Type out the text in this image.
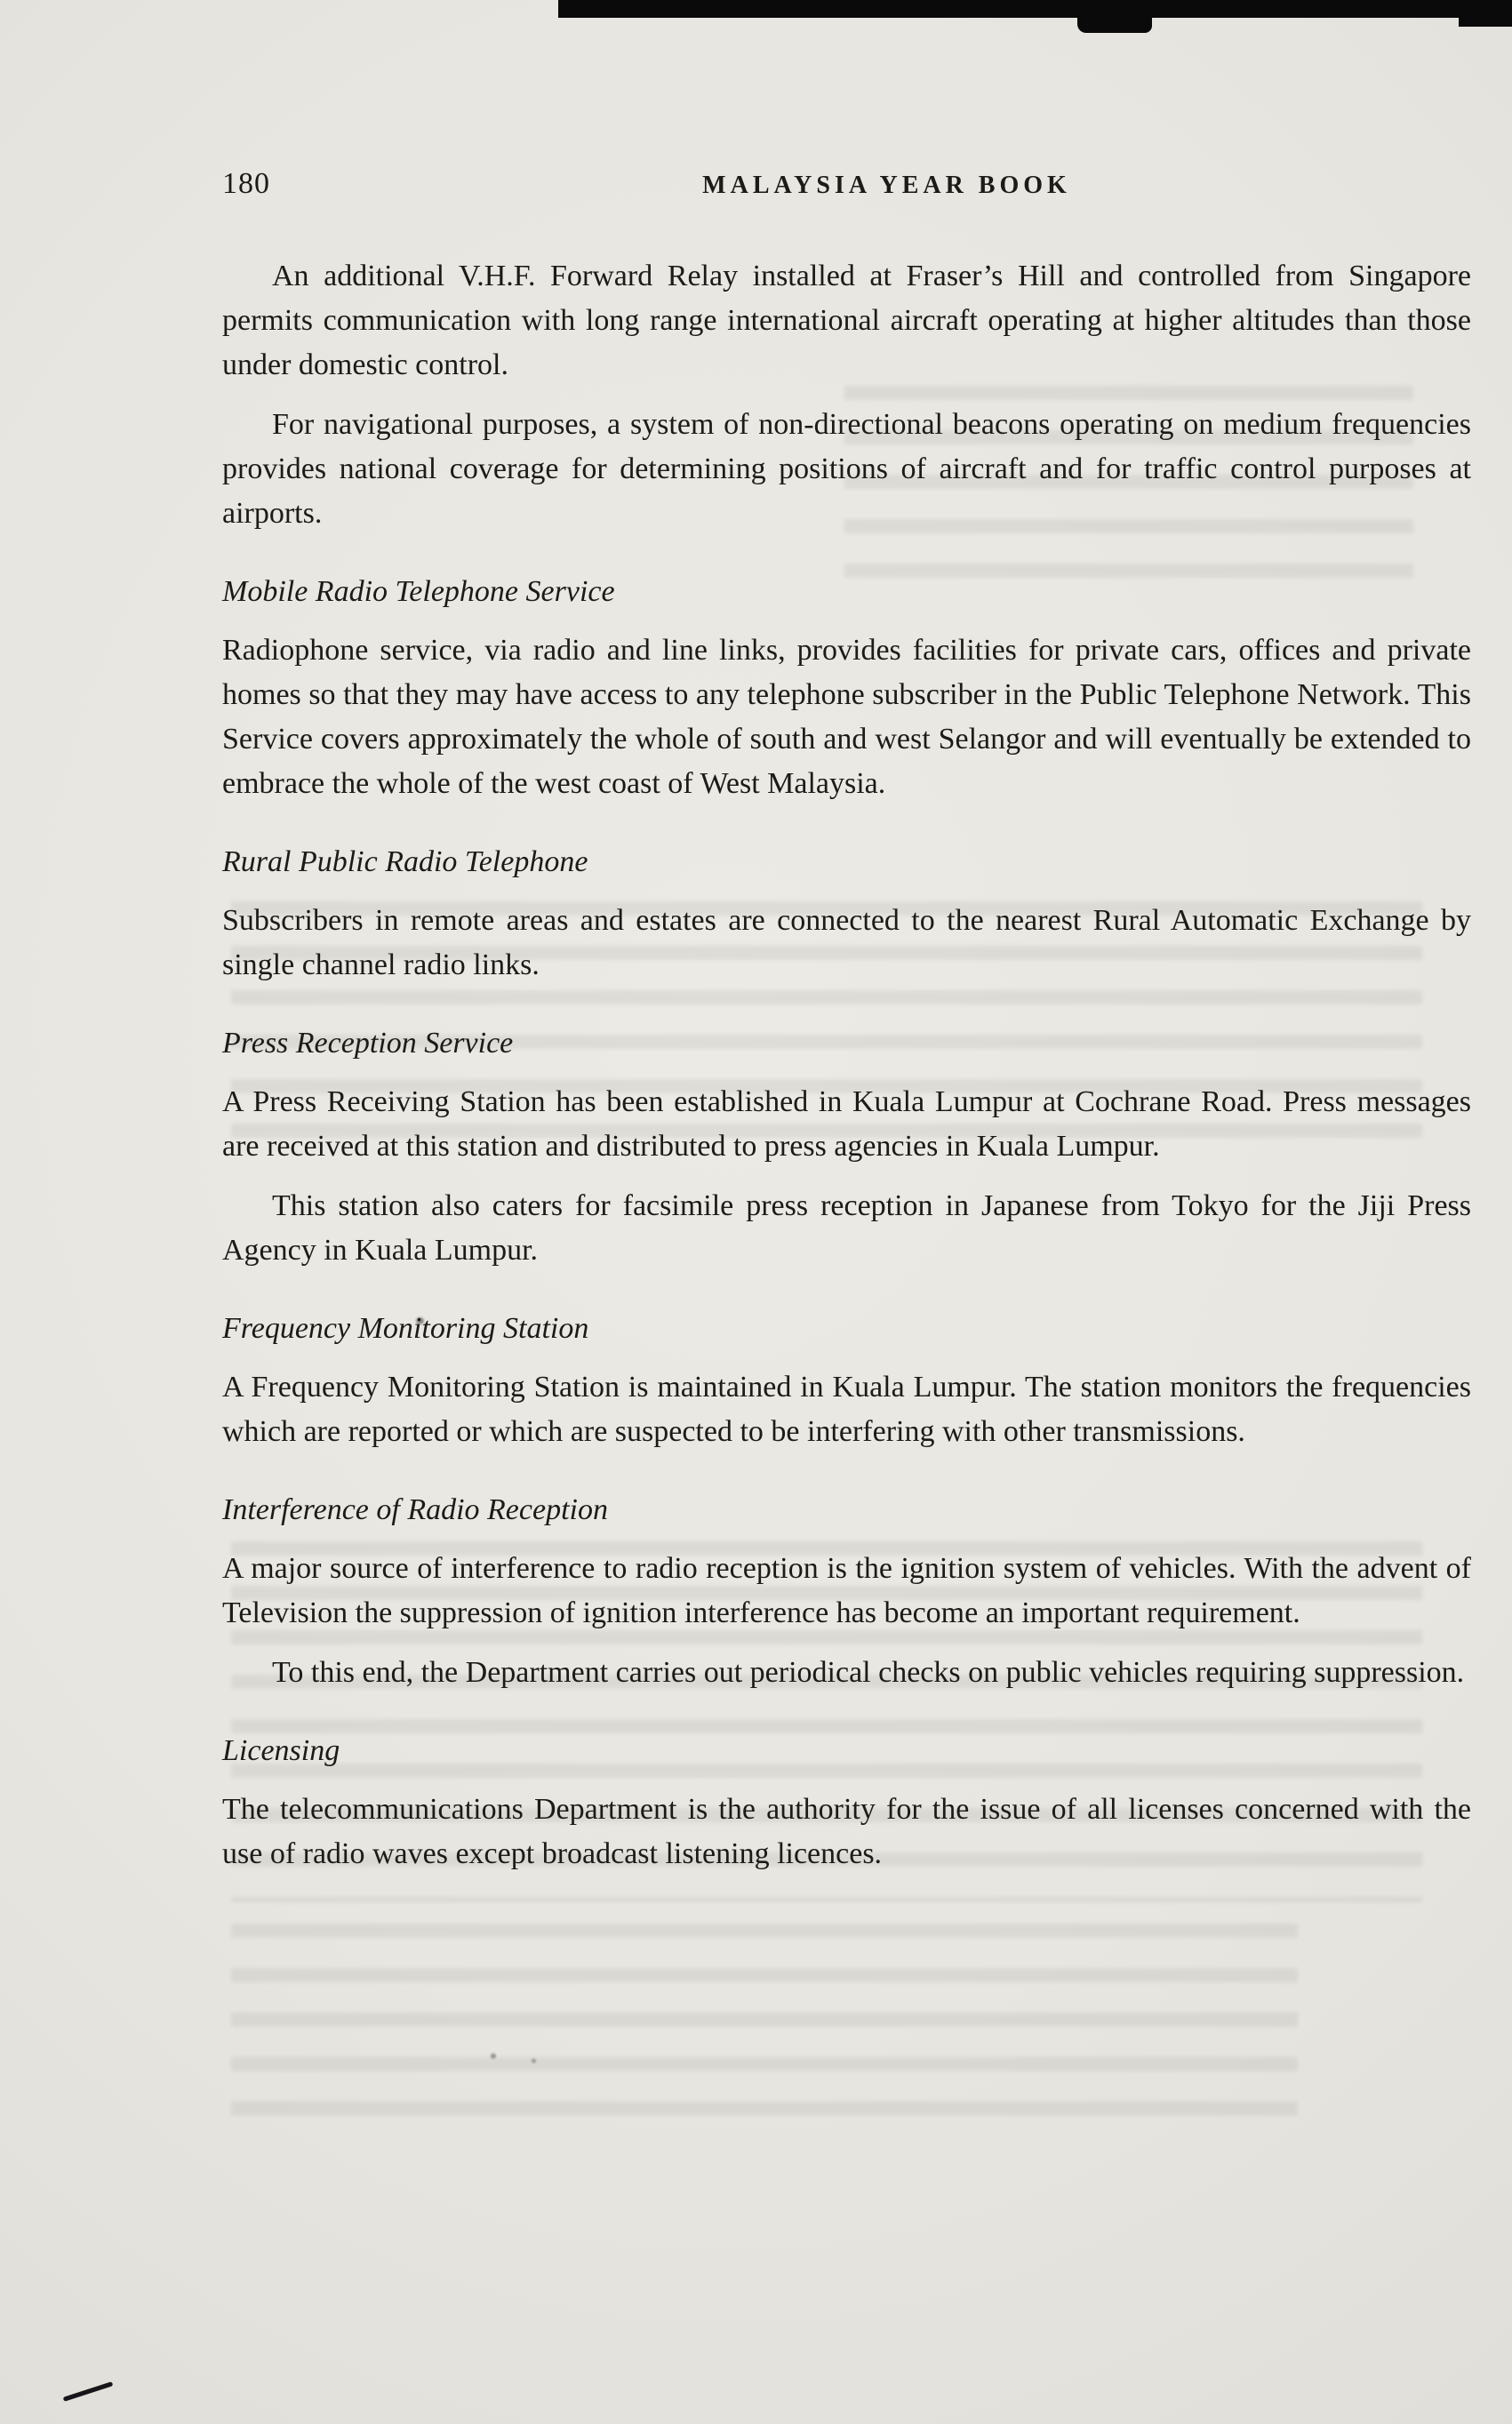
180	MALAYSIA YEAR BOOK

An additional V.H.F. Forward Relay installed at Fraser’s Hill and controlled from Singapore permits communication with long range international aircraft operating at higher altitudes than those under domestic control.

For navigational purposes, a system of non-directional beacons operating on medium frequencies provides national coverage for determining positions of aircraft and for traffic control purposes at airports.

Mobile Radio Telephone Service

Radiophone service, via radio and line links, provides facilities for private cars, offices and private homes so that they may have access to any telephone subscriber in the Public Telephone Network. This Service covers approximately the whole of south and west Selangor and will eventually be extended to embrace the whole of the west coast of West Malaysia.

Rural Public Radio Telephone

Subscribers in remote areas and estates are connected to the nearest Rural Automatic Exchange by single channel radio links.

Press Reception Service

A Press Receiving Station has been established in Kuala Lumpur at Cochrane Road. Press messages are received at this station and distributed to press agencies in Kuala Lumpur.

This station also caters for facsimile press reception in Japanese from Tokyo for the Jiji Press Agency in Kuala Lumpur.

Frequency Monitoring Station

A Frequency Monitoring Station is maintained in Kuala Lumpur. The station monitors the frequencies which are reported or which are suspected to be interfering with other transmissions.

Interference of Radio Reception

A major source of interference to radio reception is the ignition system of vehicles. With the advent of Television the suppression of ignition interference has become an important requirement.

To this end, the Department carries out periodical checks on public vehicles requiring suppression.

Licensing

The telecommunications Department is the authority for the issue of all licenses concerned with the use of radio waves except broadcast listening licences.
